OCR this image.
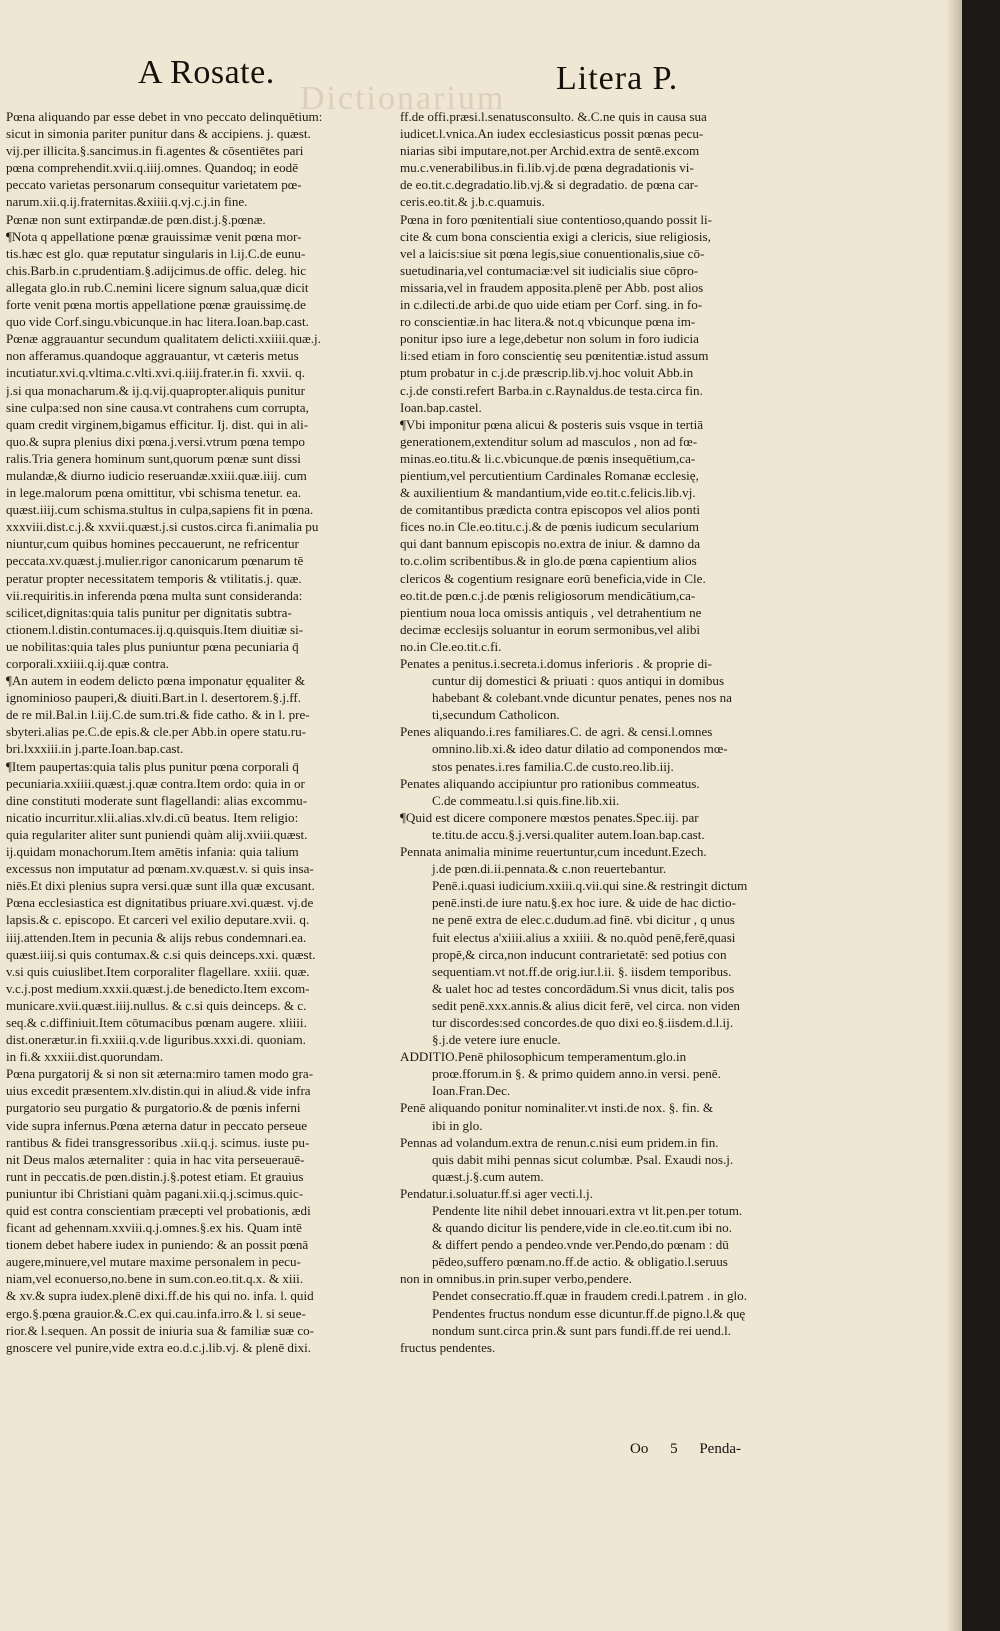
Dictionarium
A Rosate.	Litera P.
Pœna aliquando par esse debet in vno peccato delinquētium:
sicut in simonia pariter punitur dans & accipiens. j. quæst.
vij.per illicita.§.sancimus.in fi.agentes & cōsentiētes pari
pœna comprehendit.xvii.q.iiij.omnes. Quandoq; in eodē
peccato varietas personarum consequitur varietatem pœ-
narum.xii.q.ij.fraternitas.&xiiii.q.vj.c.j.in fine.
Pœnæ non sunt extirpandæ.de pœn.dist.j.§.pœnæ.
¶Nota q appellatione pœnæ grauissimæ venit pœna mor-
tis.hæc est glo. quæ reputatur singularis in l.ij.C.de eunu-
chis.Barb.in c.prudentiam.§.adijcimus.de offic. deleg. hic
allegata glo.in rub.C.nemini licere signum salua,quæ dicit
forte venit pœna mortis appellatione pœnæ grauissimę.de
quo vide Corf.singu.vbicunque.in hac litera.Ioan.bap.cast.
Pœnæ aggrauantur secundum qualitatem delicti.xxiiii.quæ.j.
non afferamus.quandoque aggrauantur, vt cæteris metus
incutiatur.xvi.q.vltima.c.vlti.xvi.q.iiij.frater.in fi. xxvii. q.
j.si qua monacharum.& ij.q.vij.quapropter.aliquis punitur
sine culpa:sed non sine causa.vt contrahens cum corrupta,
quam credit virginem,bigamus efficitur. Ij. dist. qui in ali-
quo.& supra plenius dixi pœna.j.versi.vtrum pœna tempo
ralis.Tria genera hominum sunt,quorum pœnæ sunt dissi
mulandæ,& diurno iudicio reseruandæ.xxiii.quæ.iiij. cum
in lege.malorum pœna omittitur, vbi schisma tenetur. ea.
quæst.iiij.cum schisma.stultus in culpa,sapiens fit in pœna.
xxxviii.dist.c.j.& xxvii.quæst.j.si custos.circa fi.animalia pu
niuntur,cum quibus homines peccauerunt, ne refricentur
peccata.xv.quæst.j.mulier.rigor canonicarum pœnarum tē
peratur propter necessitatem temporis & vtilitatis.j. quæ.
vii.requiritis.in inferenda pœna multa sunt consideranda:
scilicet,dignitas:quia talis punitur per dignitatis subtra-
ctionem.l.distin.contumaces.ij.q.quisquis.Item diuitiæ si-
ue nobilitas:quia tales plus puniuntur pœna pecuniaria q̄
corporali.xxiiii.q.ij.quæ contra.
¶An autem in eodem delicto pœna imponatur ęqualiter &
ignominioso pauperi,& diuiti.Bart.in l. desertorem.§.j.ff.
de re mil.Bal.in l.iij.C.de sum.tri.& fide catho. & in l. pre-
sbyteri.alias pe.C.de epis.& cle.per Abb.in opere statu.ru-
bri.lxxxiii.in j.parte.Ioan.bap.cast.
¶Item paupertas:quia talis plus punitur pœna corporali q̄
pecuniaria.xxiiii.quæst.j.quæ contra.Item ordo: quia in or
dine constituti moderate sunt flagellandi: alias excommu-
nicatio incurritur.xlii.alias.xlv.di.cū beatus. Item religio:
quia regulariter aliter sunt puniendi quàm alij.xviii.quæst.
ij.quidam monachorum.Item amētis infania: quia talium
excessus non imputatur ad pœnam.xv.quæst.v. si quis insa-
niēs.Et dixi plenius supra versi.quæ sunt illa quæ excusant.
Pœna ecclesiastica est dignitatibus priuare.xvi.quæst. vj.de
lapsis.& c. episcopo. Et carceri vel exilio deputare.xvii. q.
iiij.attenden.Item in pecunia & alijs rebus condemnari.ea.
quæst.iiij.si quis contumax.& c.si quis deinceps.xxi. quæst.
v.si quis cuiuslibet.Item corporaliter flagellare. xxiii. quæ.
v.c.j.post medium.xxxii.quæst.j.de benedicto.Item excom-
municare.xvii.quæst.iiij.nullus. & c.si quis deinceps. & c.
seq.& c.diffiniuit.Item cōtumacibus pœnam augere. xliiii.
dist.onerætur.in fi.xxiii.q.v.de liguribus.xxxi.di. quoniam.
in fi.& xxxiii.dist.quorundam.
Pœna purgatorij & si non sit æterna:miro tamen modo gra-
uius excedit præsentem.xlv.distin.qui in aliud.& vide infra
purgatorio seu purgatio & purgatorio.& de pœnis inferni
vide supra infernus.Pœna æterna datur in peccato perseue
rantibus & fidei transgressoribus .xii.q.j. scimus. iuste pu-
nit Deus malos æternaliter : quia in hac vita perseuerauē-
runt in peccatis.de pœn.distin.j.§.potest etiam. Et grauius
puniuntur ibi Christiani quàm pagani.xii.q.j.scimus.quic-
quid est contra conscientiam præcepti vel probationis, ædi
ficant ad gehennam.xxviii.q.j.omnes.§.ex his. Quam intē
tionem debet habere iudex in puniendo: & an possit pœnā
augere,minuere,vel mutare maxime personalem in pecu-
niam,vel econuerso,no.bene in sum.con.eo.tit.q.x. & xiii.
& xv.& supra iudex.plenē dixi.ff.de his qui no. infa. l. quid
ergo.§.pœna grauior.&.C.ex qui.cau.infa.irro.& l. si seue-
rior.& l.sequen. An possit de iniuria sua & familiæ suæ co-
gnoscere vel punire,vide extra eo.d.c.j.lib.vj. & plenē dixi.
ff.de offi.præsi.l.senatusconsulto. &.C.ne quis in causa sua
iudicet.l.vnica.An iudex ecclesiasticus possit pœnas pecu-
niarias sibi imputare,not.per Archid.extra de sentē.excom
mu.c.venerabilibus.in fi.lib.vj.de pœna degradationis vi-
de eo.tit.c.degradatio.lib.vj.& si degradatio. de pœna car-
ceris.eo.tit.& j.b.c.quamuis.
Pœna in foro pœnitentiali siue contentioso,quando possit li-
cite & cum bona conscientia exigi a clericis, siue religiosis,
vel a laicis:siue sit pœna legis,siue conuentionalis,siue cō-
suetudinaria,vel contumaciæ:vel sit iudicialis siue cōpro-
missaria,vel in fraudem apposita.plenē per Abb. post alios
in c.dilecti.de arbi.de quo uide etiam per Corf. sing. in fo-
ro conscientiæ.in hac litera.& not.q vbicunque pœna im-
ponitur ipso iure a lege,debetur non solum in foro iudicia
li:sed etiam in foro conscientię seu pœnitentiæ.istud assum
ptum probatur in c.j.de præscrip.lib.vj.hoc voluit Abb.in
c.j.de consti.refert Barba.in c.Raynaldus.de testa.circa fin.
Ioan.bap.castel.
¶Vbi imponitur pœna alicui & posteris suis vsque in tertiā
generationem,extenditur solum ad masculos , non ad fœ-
minas.eo.titu.& li.c.vbicunque.de pœnis insequētium,ca-
pientium,vel percutientium Cardinales Romanæ ecclesię,
& auxilientium & mandantium,vide eo.tit.c.felicis.lib.vj.
de comitantibus prædicta contra episcopos vel alios ponti
fices no.in Cle.eo.titu.c.j.& de pœnis iudicum secularium
qui dant bannum episcopis no.extra de iniur. & damno da
to.c.olim scribentibus.& in glo.de pœna capientium alios
clericos & cogentium resignare eorū beneficia,vide in Cle.
eo.tit.de pœn.c.j.de pœnis religiosorum mendicātium,ca-
pientium noua loca omissis antiquis , vel detrahentium ne
decimæ ecclesijs soluantur in eorum sermonibus,vel alibi
no.in Cle.eo.tit.c.fi.
Penates a penitus.i.secreta.i.domus inferioris . & proprie di-
cuntur dij domestici & priuati : quos antiqui in domibus
habebant & colebant.vnde dicuntur penates, penes nos na
ti,secundum Catholicon.
Penes aliquando.i.res familiares.C. de agri. & censi.l.omnes
omnino.lib.xi.& ideo datur dilatio ad componendos mœ-
stos penates.i.res familia.C.de custo.reo.lib.iij.
Penates aliquando accipiuntur pro rationibus commeatus.
C.de commeatu.l.si quis.fine.lib.xii.
¶Quid est dicere componere mœstos penates.Spec.iij. par
te.titu.de accu.§.j.versi.qualiter autem.Ioan.bap.cast.
Pennata animalia minime reuertuntur,cum incedunt.Ezech.
j.de pœn.di.ii.pennata.& c.non reuertebantur.
Penē.i.quasi iudicium.xxiii.q.vii.qui sine.& restringit dictum
penē.insti.de iure natu.§.ex hoc iure. & uide de hac dictio-
ne penē extra de elec.c.dudum.ad finē. vbi dicitur , q unus
fuit electus a'xiiii.alius a xxiiii. & no.quòd penē,ferē,quasi
propē,& circa,non inducunt contrarietatē: sed potius con
sequentiam.vt not.ff.de orig.iur.l.ii. §. iisdem temporibus.
& ualet hoc ad testes concordādum.Si vnus dicit, talis pos
sedit penē.xxx.annis.& alius dicit ferē, vel circa. non viden
tur discordes:sed concordes.de quo dixi eo.§.iisdem.d.l.ij.
§.j.de vetere iure enucle.
ADDITIO.Penē philosophicum temperamentum.glo.in
proœ.fforum.in §. & primo quidem anno.in versi. penē.
Ioan.Fran.Dec.
Penē aliquando ponitur nominaliter.vt insti.de nox. §. fin. &
ibi in glo.
Pennas ad volandum.extra de renun.c.nisi eum pridem.in fin.
quis dabit mihi pennas sicut columbæ. Psal. Exaudi nos.j.
quæst.j.§.cum autem.
Pendatur.i.soluatur.ff.si ager vecti.l.j.
Pendente lite nihil debet innouari.extra vt lit.pen.per totum.
& quando dicitur lis pendere,vide in cle.eo.tit.cum ibi no.
& differt pendo a pendeo.vnde ver.Pendo,do pœnam : dū
pēdeo,suffero pœnam.no.ff.de actio. & obligatio.l.seruus
non in omnibus.in prin.super verbo,pendere.
Pendet consecratio.ff.quæ in fraudem credi.l.patrem . in glo.
Pendentes fructus nondum esse dicuntur.ff.de pigno.l.& quę
nondum sunt.circa prin.& sunt pars fundi.ff.de rei uend.l.
fructus pendentes.
Oo 5 Penda-
